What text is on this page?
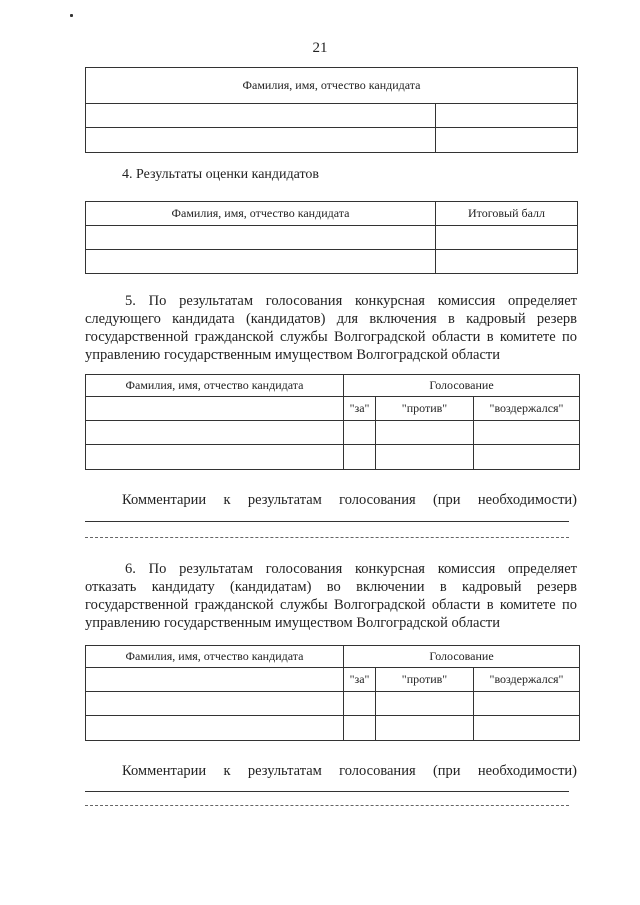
21
Фамилия, имя, отчество кандидата	

4. Результаты оценки кандидатов
Фамилия, имя, отчество кандидата	Итоговый балл

5. По результатам голосования конкурсная комиссия определяет следующего кандидата (кандидатов) для включения в кадровый резерв государственной гражданской службы Волгоградской области в комитете по управлению государственным имуществом Волгоградской области
Фамилия, имя, отчество кандидата	Голосование		
	"за"	"против"	"воздержался"

Комментарии к результатам голосования (при необходимости)
6. По результатам голосования конкурсная комиссия определяет отказать кандидату (кандидатам) во включении в кадровый резерв государственной гражданской службы Волгоградской области в комитете по управлению государственным имуществом Волгоградской области
Фамилия, имя, отчество кандидата	Голосование		
	"за"	"против"	"воздержался"

Комментарии к результатам голосования (при необходимости)
